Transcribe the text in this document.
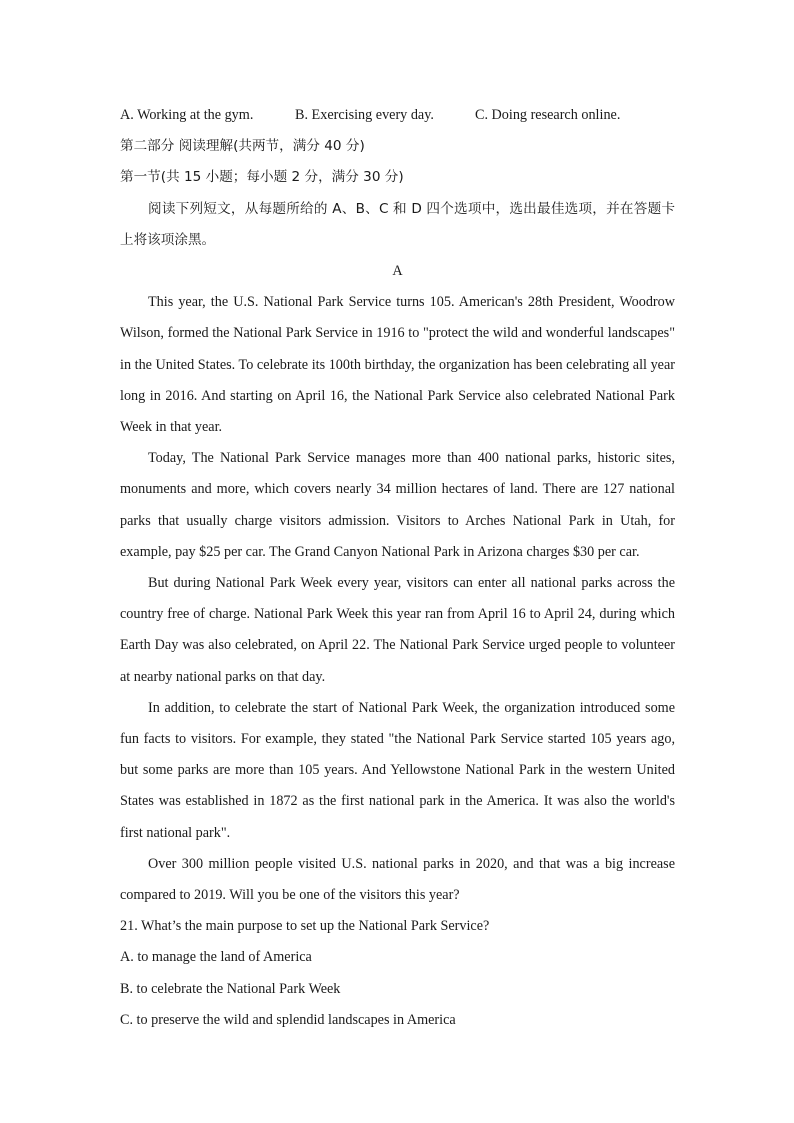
A. Working at the gym.	B. Exercising every day.	C. Doing research online.

第二部分 阅读理解(共两节，满分 40 分)

第一节(共 15 小题；每小题 2 分，满分 30 分)

阅读下列短文，从每题所给的 A、B、C 和 D 四个选项中，选出最佳选项，并在答题卡上将该项涂黑。

A

This year, the U.S. National Park Service turns 105. American's 28th President, Woodrow Wilson, formed the National Park Service in 1916 to "protect the wild and wonderful landscapes" in the United States. To celebrate its 100th birthday, the organization has been celebrating all year long in 2016. And starting on April 16, the National Park Service also celebrated National Park Week in that year.

Today, The National Park Service manages more than 400 national parks, historic sites, monuments and more, which covers nearly 34 million hectares of land. There are 127 national parks that usually charge visitors admission. Visitors to Arches National Park in Utah, for example, pay $25 per car. The Grand Canyon National Park in Arizona charges $30 per car.

But during National Park Week every year, visitors can enter all national parks across the country free of charge. National Park Week this year ran from April 16 to April 24, during which Earth Day was also celebrated, on April 22. The National Park Service urged people to volunteer at nearby national parks on that day.

In addition, to celebrate the start of National Park Week, the organization introduced some fun facts to visitors. For example, they stated "the National Park Service started 105 years ago, but some parks are more than 105 years. And Yellowstone National Park in the western United States was established in 1872 as the first national park in the America. It was also the world's first national park".

Over 300 million people visited U.S. national parks in 2020, and that was a big increase compared to 2019. Will you be one of the visitors this year?

21. What’s the main purpose to set up the National Park Service?

A. to manage the land of America

B. to celebrate the National Park Week

C. to preserve the wild and splendid landscapes in America
